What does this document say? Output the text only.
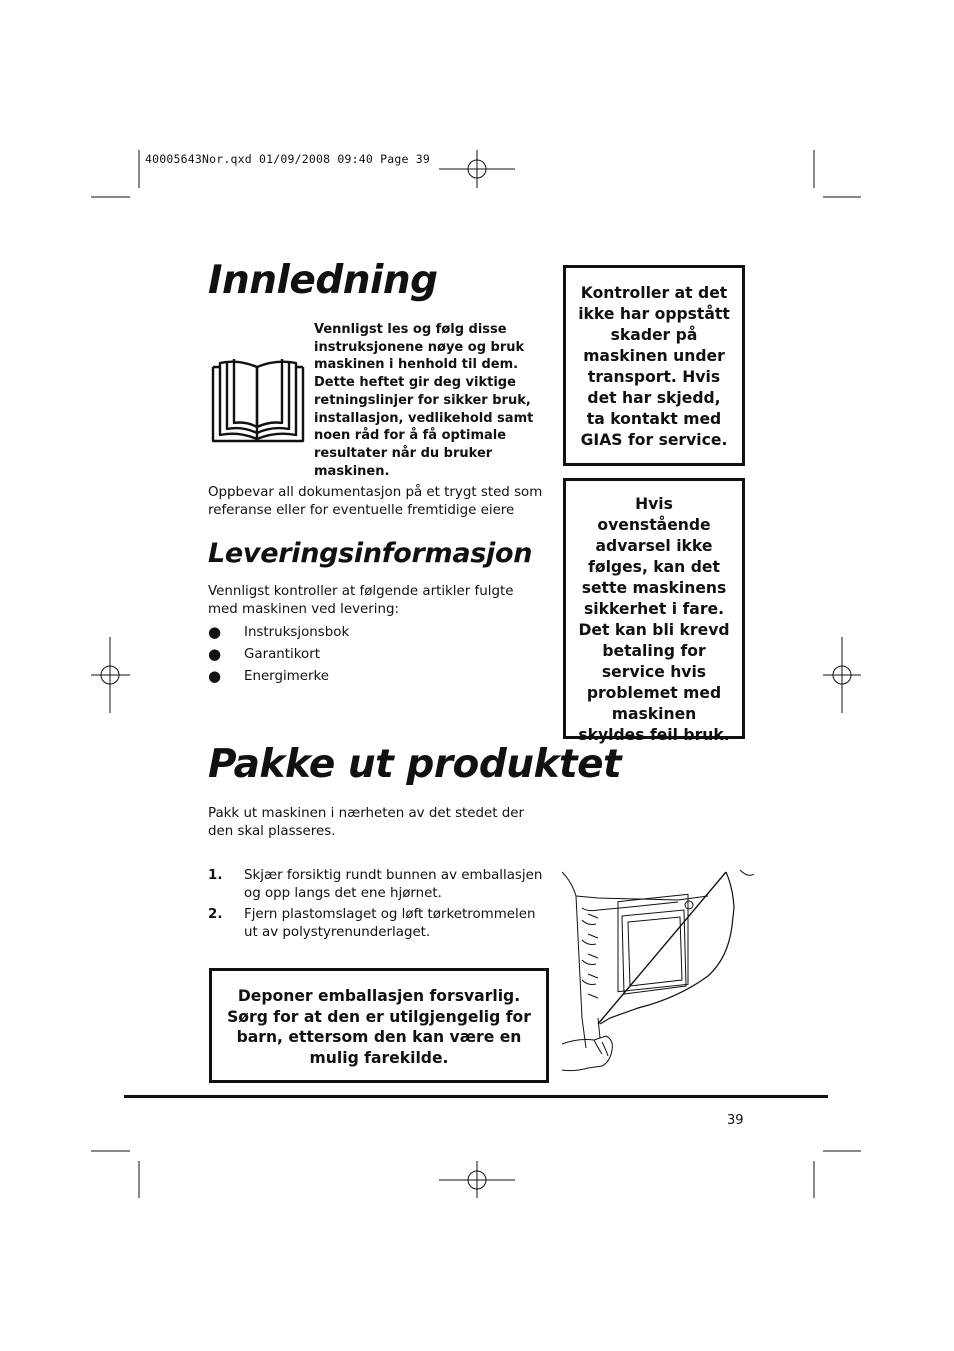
40005643Nor.qxd 01/09/2008 09:40 Page 39
Innledning
Vennligst les og følg disse instruksjonene nøye og bruk maskinen i henhold til dem. Dette heftet gir deg viktige retningslinjer for sikker bruk, installasjon, vedlikehold samt noen råd for å få optimale resultater når du bruker maskinen.
Oppbevar all dokumentasjon på et trygt sted som referanse eller for eventuelle fremtidige eiere
Kontroller at det ikke har oppstått skader på maskinen under transport. Hvis det har skjedd, ta kontakt med GIAS for service.
Hvis ovenstående advarsel ikke følges, kan det sette maskinens sikkerhet i fare. Det kan bli krevd betaling for service hvis problemet med maskinen skyldes feil bruk.
Leveringsinformasjon
Vennligst kontroller at følgende artikler fulgte med maskinen ved levering:
●	Instruksjonsbok
●	Garantikort
●	Energimerke
Pakke ut produktet
Pakk ut maskinen i nærheten av det stedet der den skal plasseres.
1.	Skjær forsiktig rundt bunnen av emballasjen og opp langs det ene hjørnet.
2.	Fjern plastomslaget og løft tørketrommelen ut av polystyrenunderlaget.
Deponer emballasjen forsvarlig. Sørg for at den er utilgjengelig for barn, ettersom den kan være en mulig farekilde.
39
